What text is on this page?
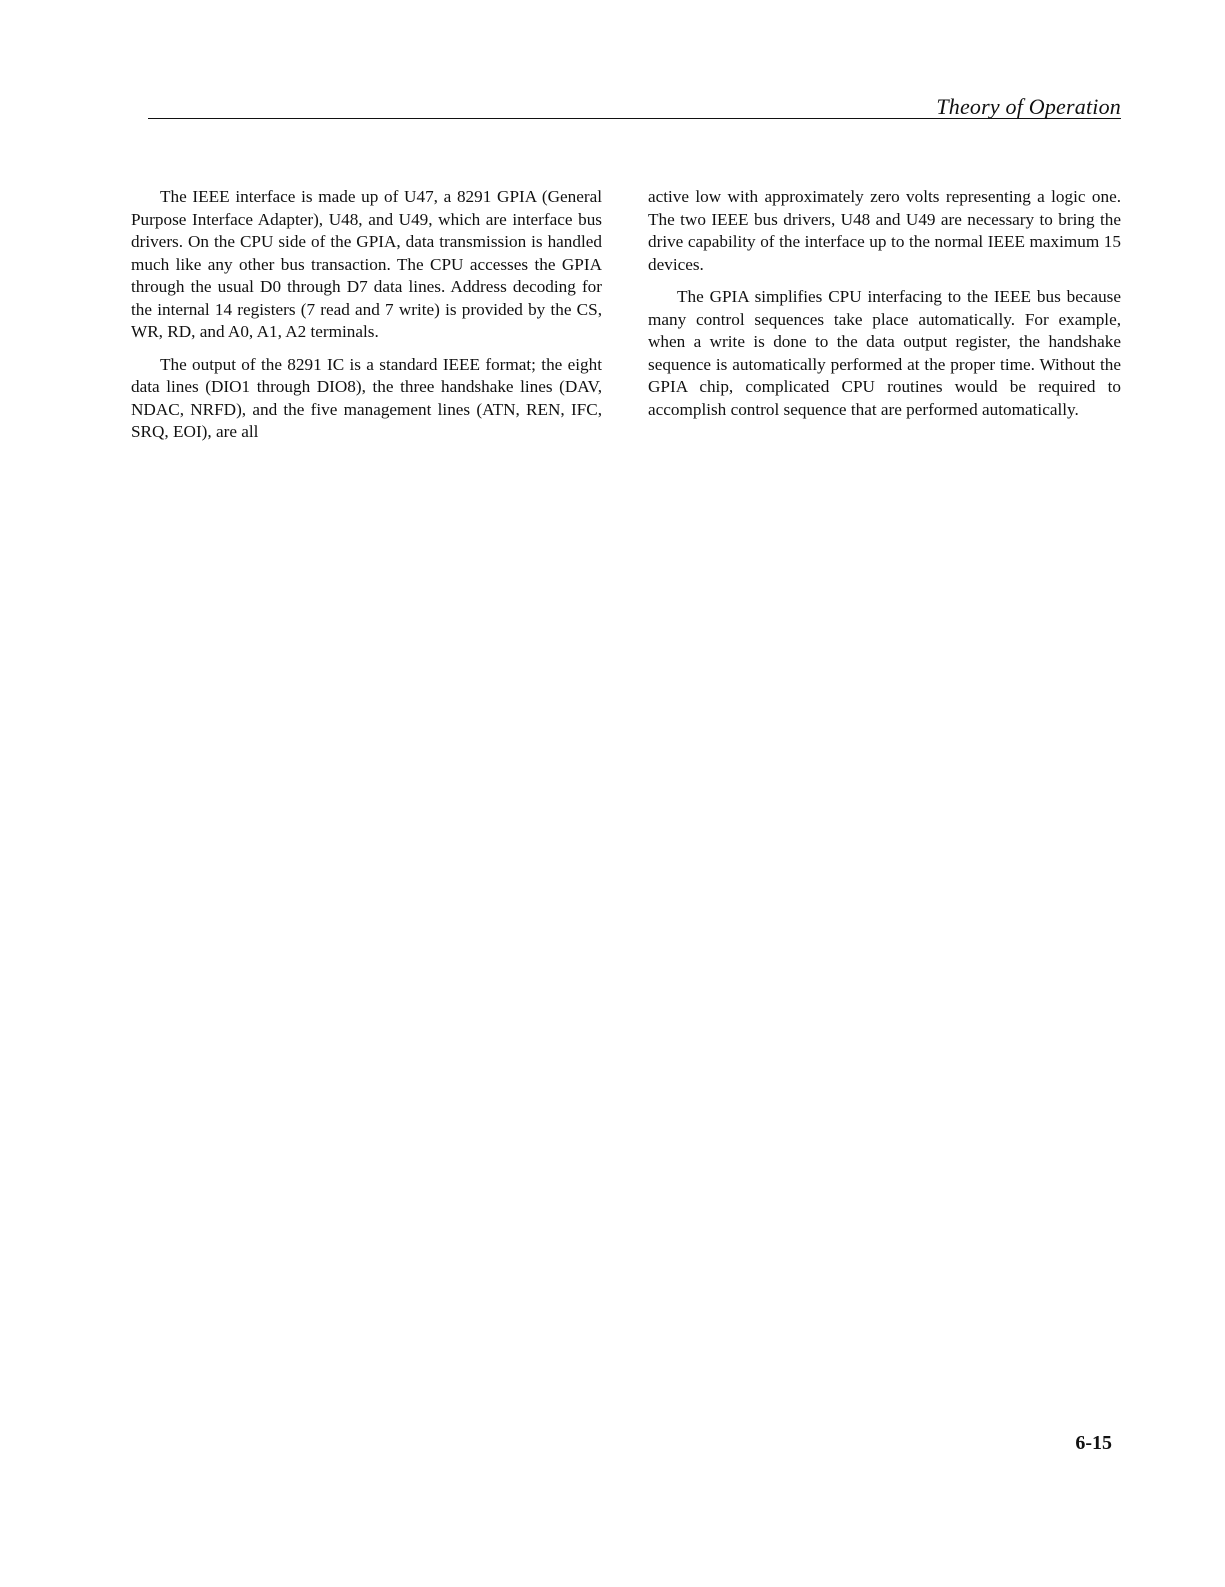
Theory of Operation

The IEEE interface is made up of U47, a 8291 GPIA (General Purpose Interface Adapter), U48, and U49, which are interface bus drivers. On the CPU side of the GPIA, data transmission is handled much like any other bus transaction. The CPU accesses the GPIA through the usual D0 through D7 data lines. Address decoding for the internal 14 registers (7 read and 7 write) is provided by the CS, WR, RD, and A0, A1, A2 terminals.

The output of the 8291 IC is a standard IEEE format; the eight data lines (DIO1 through DIO8), the three handshake lines (DAV, NDAC, NRFD), and the five management lines (ATN, REN, IFC, SRQ, EOI), are all

active low with approximately zero volts representing a logic one. The two IEEE bus drivers, U48 and U49 are necessary to bring the drive capability of the interface up to the normal IEEE maximum 15 devices.

The GPIA simplifies CPU interfacing to the IEEE bus because many control sequences take place automatically. For example, when a write is done to the data output register, the handshake sequence is automatically performed at the proper time. Without the GPIA chip, complicated CPU routines would be required to accomplish control sequence that are performed automatically.

6-15
